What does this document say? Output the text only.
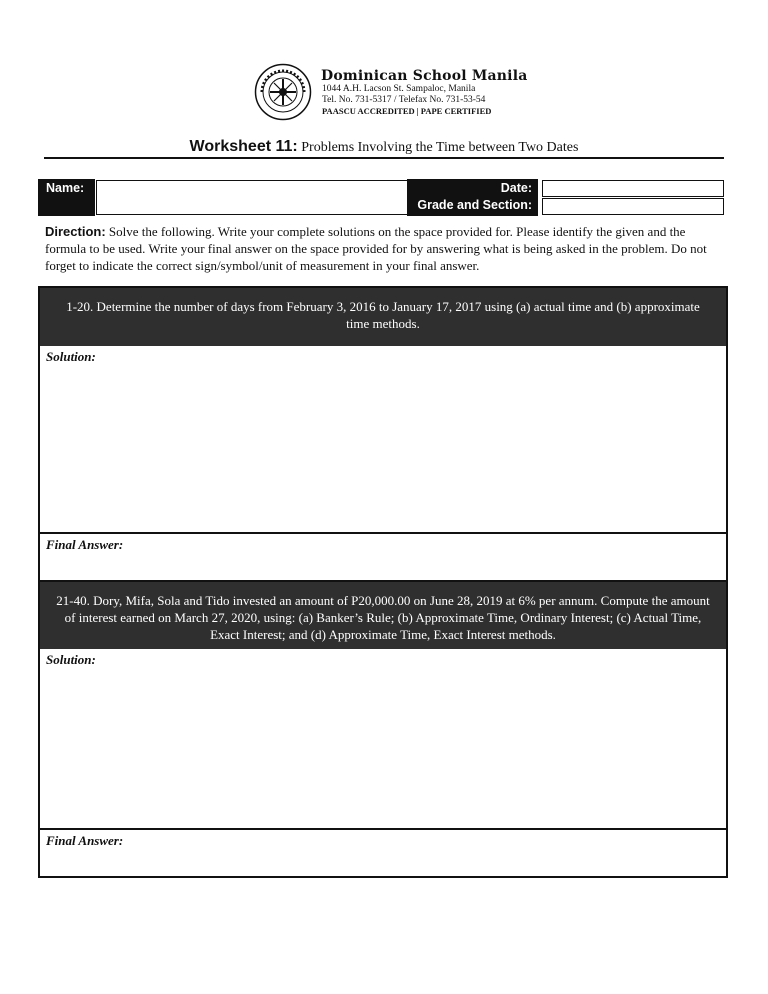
Dominican School Manila
1044 A.H. Lacson St. Sampaloc, Manila
Tel. No. 731-5317 / Telefax No. 731-53-54
PAASCU ACCREDITED | PAPE CERTIFIED
Worksheet 11: Problems Involving the Time between Two Dates
Name:	Date:
Grade and Section:
Direction: Solve the following. Write your complete solutions on the space provided for. Please identify the given and the formula to be used. Write your final answer on the space provided for by answering what is being asked in the problem. Do not forget to indicate the correct sign/symbol/unit of measurement in your final answer.
1-20. Determine the number of days from February 3, 2016 to January 17, 2017 using (a) actual time and (b) approximate time methods.
Solution:
Final Answer:
21-40. Dory, Mifa, Sola and Tido invested an amount of P20,000.00 on June 28, 2019 at 6% per annum. Compute the amount of interest earned on March 27, 2020, using: (a) Banker’s Rule; (b) Approximate Time, Ordinary Interest; (c) Actual Time, Exact Interest; and (d) Approximate Time, Exact Interest methods.
Solution:
Final Answer:
